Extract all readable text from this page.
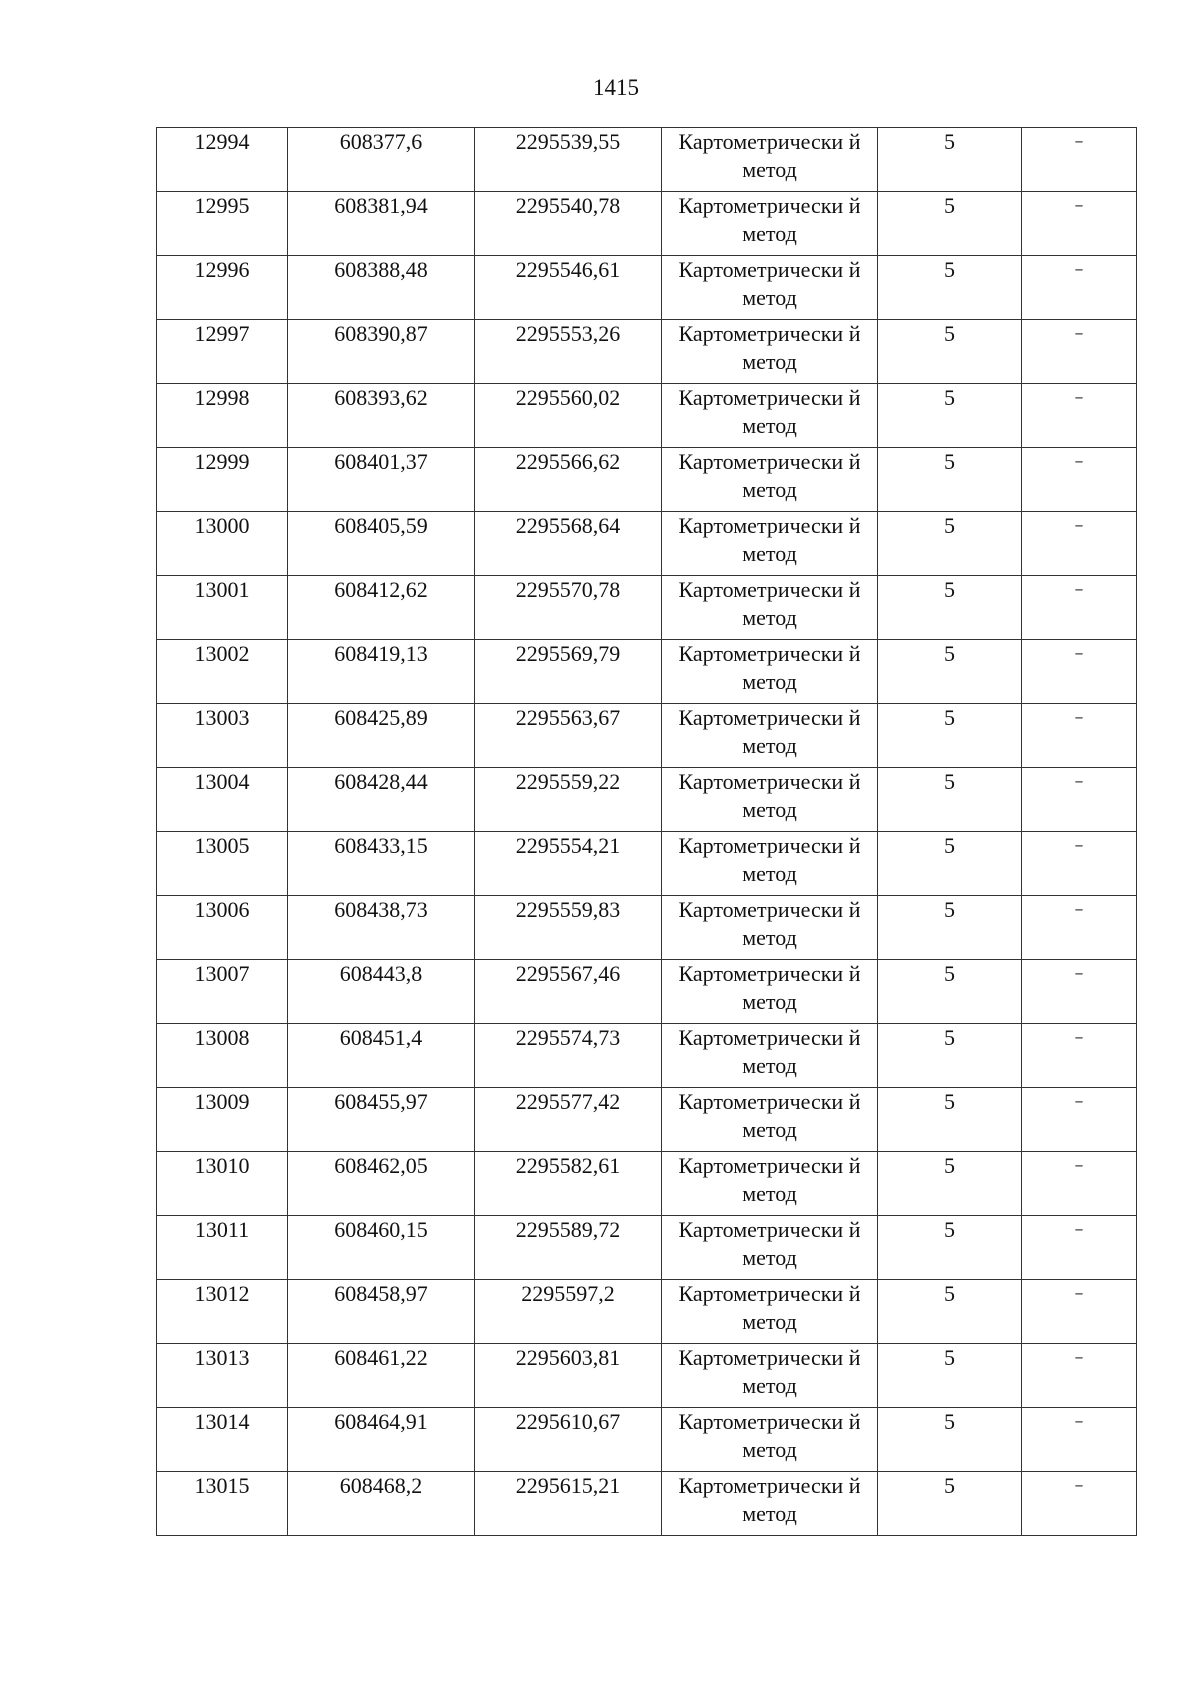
1415
12994	608377,6	2295539,55	Картометрически й метод	5	–

12995	608381,94	2295540,78	Картометрически й метод	5	–

12996	608388,48	2295546,61	Картометрически й метод	5	–

12997	608390,87	2295553,26	Картометрически й метод	5	–

12998	608393,62	2295560,02	Картометрически й метод	5	–

12999	608401,37	2295566,62	Картометрически й метод	5	–

13000	608405,59	2295568,64	Картометрически й метод	5	–

13001	608412,62	2295570,78	Картометрически й метод	5	–

13002	608419,13	2295569,79	Картометрически й метод	5	–

13003	608425,89	2295563,67	Картометрически й метод	5	–

13004	608428,44	2295559,22	Картометрически й метод	5	–

13005	608433,15	2295554,21	Картометрически й метод	5	–

13006	608438,73	2295559,83	Картометрически й метод	5	–

13007	608443,8	2295567,46	Картометрически й метод	5	–

13008	608451,4	2295574,73	Картометрически й метод	5	–

13009	608455,97	2295577,42	Картометрически й метод	5	–

13010	608462,05	2295582,61	Картометрически й метод	5	–

13011	608460,15	2295589,72	Картометрически й метод	5	–

13012	608458,97	2295597,2	Картометрически й метод	5	–

13013	608461,22	2295603,81	Картометрически й метод	5	–

13014	608464,91	2295610,67	Картометрически й метод	5	–

13015	608468,2	2295615,21	Картометрически й метод	5	–
